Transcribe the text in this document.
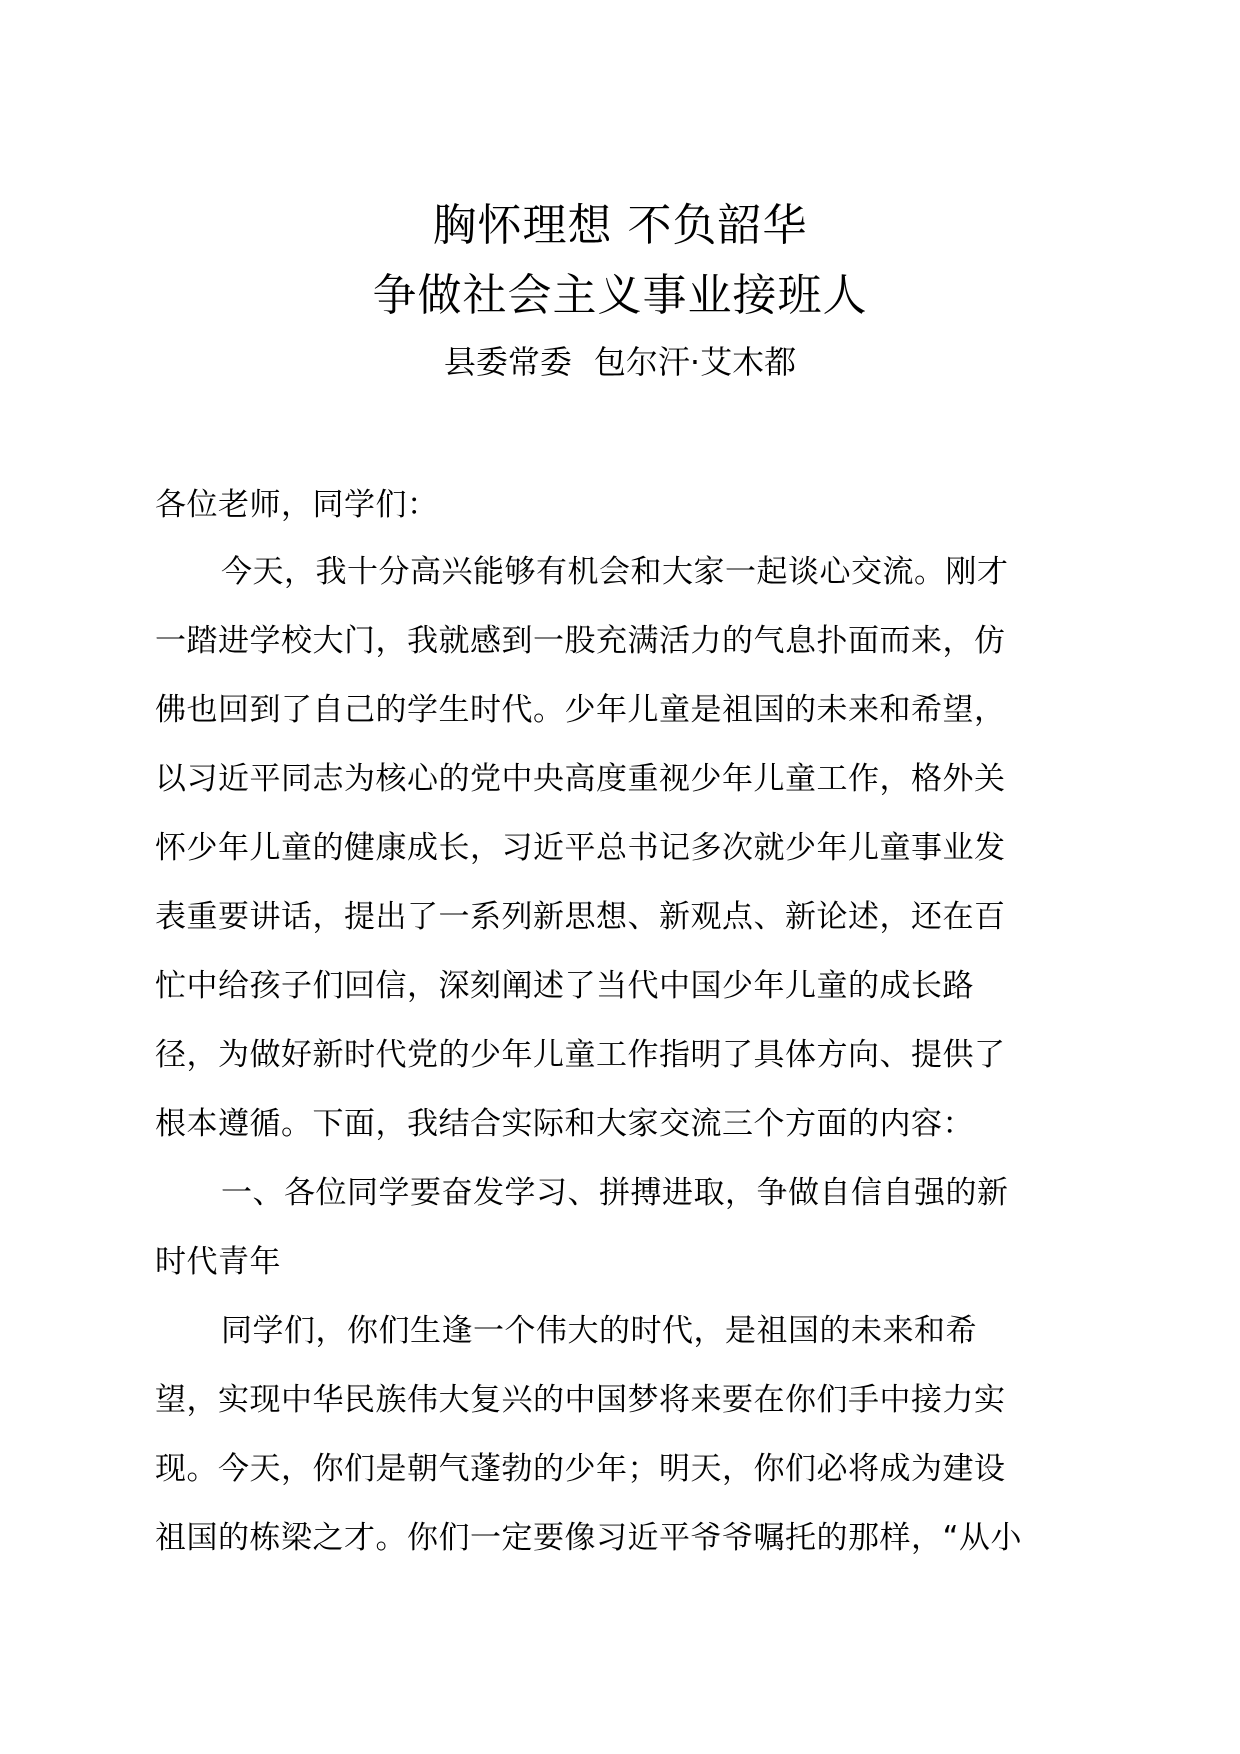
胸怀理想 不负韶华
争做社会主义事业接班人
县委常委 包尔汗·艾木都
各位老师，同学们：
今天，我十分高兴能够有机会和大家一起谈心交流。刚才
一踏进学校大门，我就感到一股充满活力的气息扑面而来，仿
佛也回到了自己的学生时代。少年儿童是祖国的未来和希望，
以习近平同志为核心的党中央高度重视少年儿童工作，格外关
怀少年儿童的健康成长，习近平总书记多次就少年儿童事业发
表重要讲话，提出了一系列新思想、新观点、新论述，还在百
忙中给孩子们回信，深刻阐述了当代中国少年儿童的成长路
径，为做好新时代党的少年儿童工作指明了具体方向、提供了
根本遵循。下面，我结合实际和大家交流三个方面的内容：
一、各位同学要奋发学习、拼搏进取，争做自信自强的新
时代青年
同学们，你们生逢一个伟大的时代，是祖国的未来和希
望，实现中华民族伟大复兴的中国梦将来要在你们手中接力实
现。今天，你们是朝气蓬勃的少年；明天，你们必将成为建设
祖国的栋梁之才。你们一定要像习近平爷爷嘱托的那样，“从小
